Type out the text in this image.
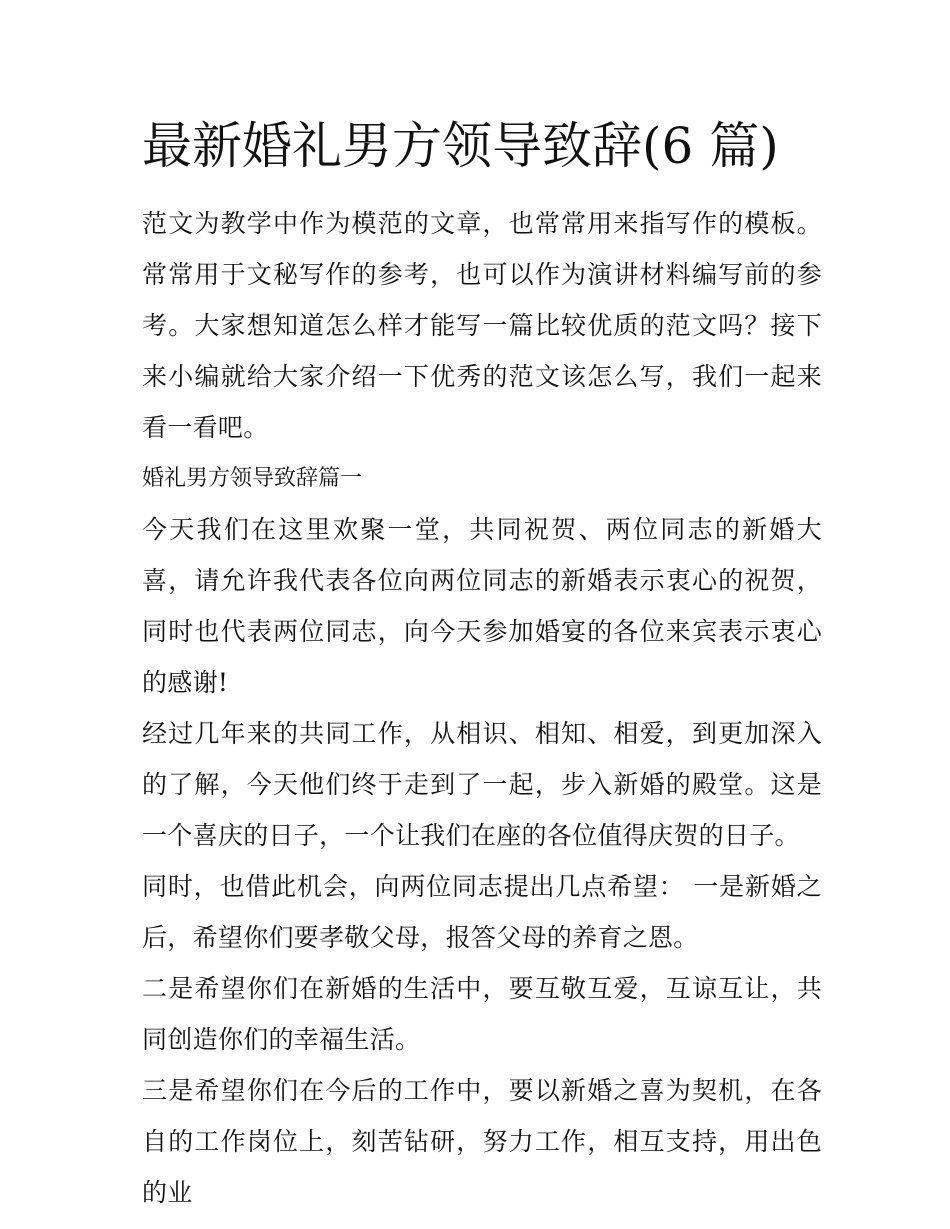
最新婚礼男方领导致辞(6 篇)

范文为教学中作为模范的文章，也常常用来指写作的模板。常常用于文秘写作的参考，也可以作为演讲材料编写前的参考。大家想知道怎么样才能写一篇比较优质的范文吗？接下来小编就给大家介绍一下优秀的范文该怎么写，我们一起来看一看吧。

婚礼男方领导致辞篇一

今天我们在这里欢聚一堂，共同祝贺、两位同志的新婚大喜，请允许我代表各位向两位同志的新婚表示衷心的祝贺，同时也代表两位同志，向今天参加婚宴的各位来宾表示衷心的感谢!

经过几年来的共同工作，从相识、相知、相爱，到更加深入的了解，今天他们终于走到了一起，步入新婚的殿堂。这是一个喜庆的日子，一个让我们在座的各位值得庆贺的日子。

同时，也借此机会，向两位同志提出几点希望： 一是新婚之后，希望你们要孝敬父母，报答父母的养育之恩。

二是希望你们在新婚的生活中，要互敬互爱，互谅互让，共同创造你们的幸福生活。

三是希望你们在今后的工作中，要以新婚之喜为契机，在各自的工作岗位上，刻苦钻研，努力工作，相互支持，用出色的业
